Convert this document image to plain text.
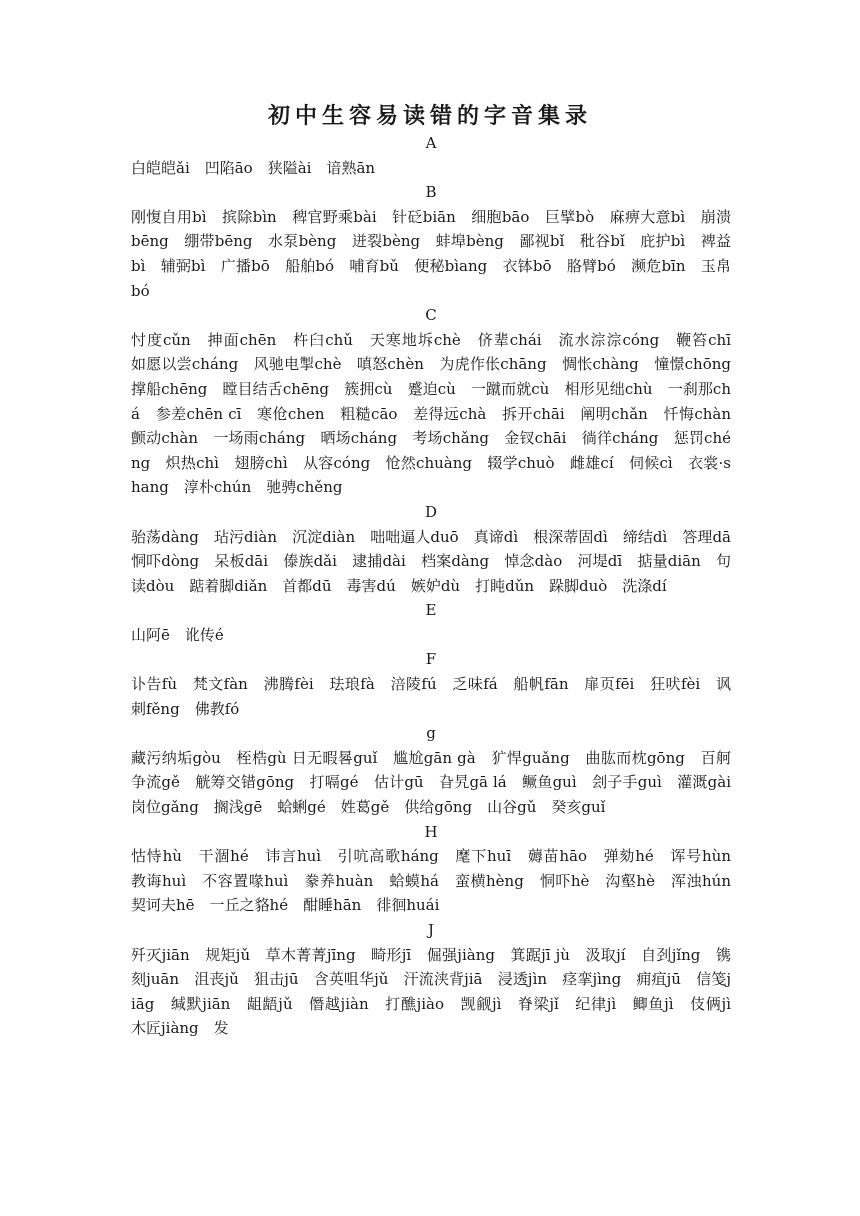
初中生容易读错的字音集录

A

白皑皑ǎi　凹陷āo　狭隘ài　谙熟ān

B

刚愎自用bì　摈除bìn　稗官野乘bài　针砭biān　细胞bāo　巨擘bò　麻痹大意bì　崩溃bēng　绷带bēng　水泵bèng　迸裂bèng　蚌埠bèng　鄙视bǐ　秕谷bǐ　庇护bì　裨益bì　辅弼bì　广播bō　船舶bó　哺育bǔ　便秘bìang　衣钵bō　胳臂bó　濒危bīn　玉帛bó

C

忖度cǔn　抻面chēn　杵臼chǔ　天寒地坼chè　侪辈chái　流水淙淙cóng　鞭笞chī　如愿以尝cháng　风驰电掣chè　嗔怒chèn　为虎作伥chāng　惆怅chàng　憧憬chōng　撑船chēng　瞠目结舌chēng　簇拥cù　蹙迫cù　一蹴而就cù　相形见绌chù　一刹那chá　参差chēn cī　寒伧chen　粗糙cāo　差得远chà　拆开chāi　阐明chǎn　忏悔chàn　颤动chàn　一场雨cháng　晒场cháng　考场chǎng　金钗chāi　徜徉cháng　惩罚chéng　炽热chì　翅膀chì　从容cóng　怆然chuàng　辍学chuò　雌雄cí　伺候cì　衣裳·shang　淳朴chún　驰骋chěng

D

骀荡dàng　玷污diàn　沉淀diàn　咄咄逼人duō　真谛dì　根深蒂固dì　缔结dì　答理dā　恫吓dòng　呆板dāi　傣族dǎi　逮捕dài　档案dàng　悼念dào　河堤dī　掂量diān　句读dòu　踮着脚diǎn　首都dū　毒害dú　嫉妒dù　打盹dǔn　跺脚duò　洗涤dí

E

山阿ē　讹传é

F

讣告fù　梵文fàn　沸腾fèi　珐琅fà　涪陵fú　乏味fá　船帆fān　扉页fēi　狂吠fèi　讽刺fěng　佛教fó

g

藏污纳垢gòu　桎梏gù 日无暇晷guǐ　尴尬gān gà　犷悍guǎng　曲肱而枕gōng　百舸争流gě　觥筹交错gōng　打嗝gé　估计gū　旮旯gā lá　鳜鱼guì　刽子手guì　灌溉gài　岗位gǎng　搁浅gē　蛤蜊gé　姓葛gě　供给gōng　山谷gǔ　癸亥guǐ

H

怙恃hù　干涸hé　讳言huì　引吭高歌háng　麾下huī　薅苗hāo　弹劾hé　诨号hùn　教诲huì　不容置喙huì　豢养huàn　蛤蟆há　蛮横hèng　恫吓hè　沟壑hè　浑浊hún　契诃夫hē　一丘之貉hé　酣睡hān　徘徊huái

J

歼灭jiān　规矩jǔ　草木菁菁jīng　畸形jī　倔强jiàng　箕踞jī jù　汲取jí　自刭jǐng　镌刻juān　沮丧jǔ　狙击jū　含英咀华jǔ　汗流浃背jiā　浸透jìn　痉挛jìng　痈疽jū　信笺jiāg　缄默jiān　龃龉jǔ　僭越jiàn　打醮jiào　觊觎jì　脊梁jǐ　纪律jì　鲫鱼jì　伎俩jì　木匠jiàng　发
